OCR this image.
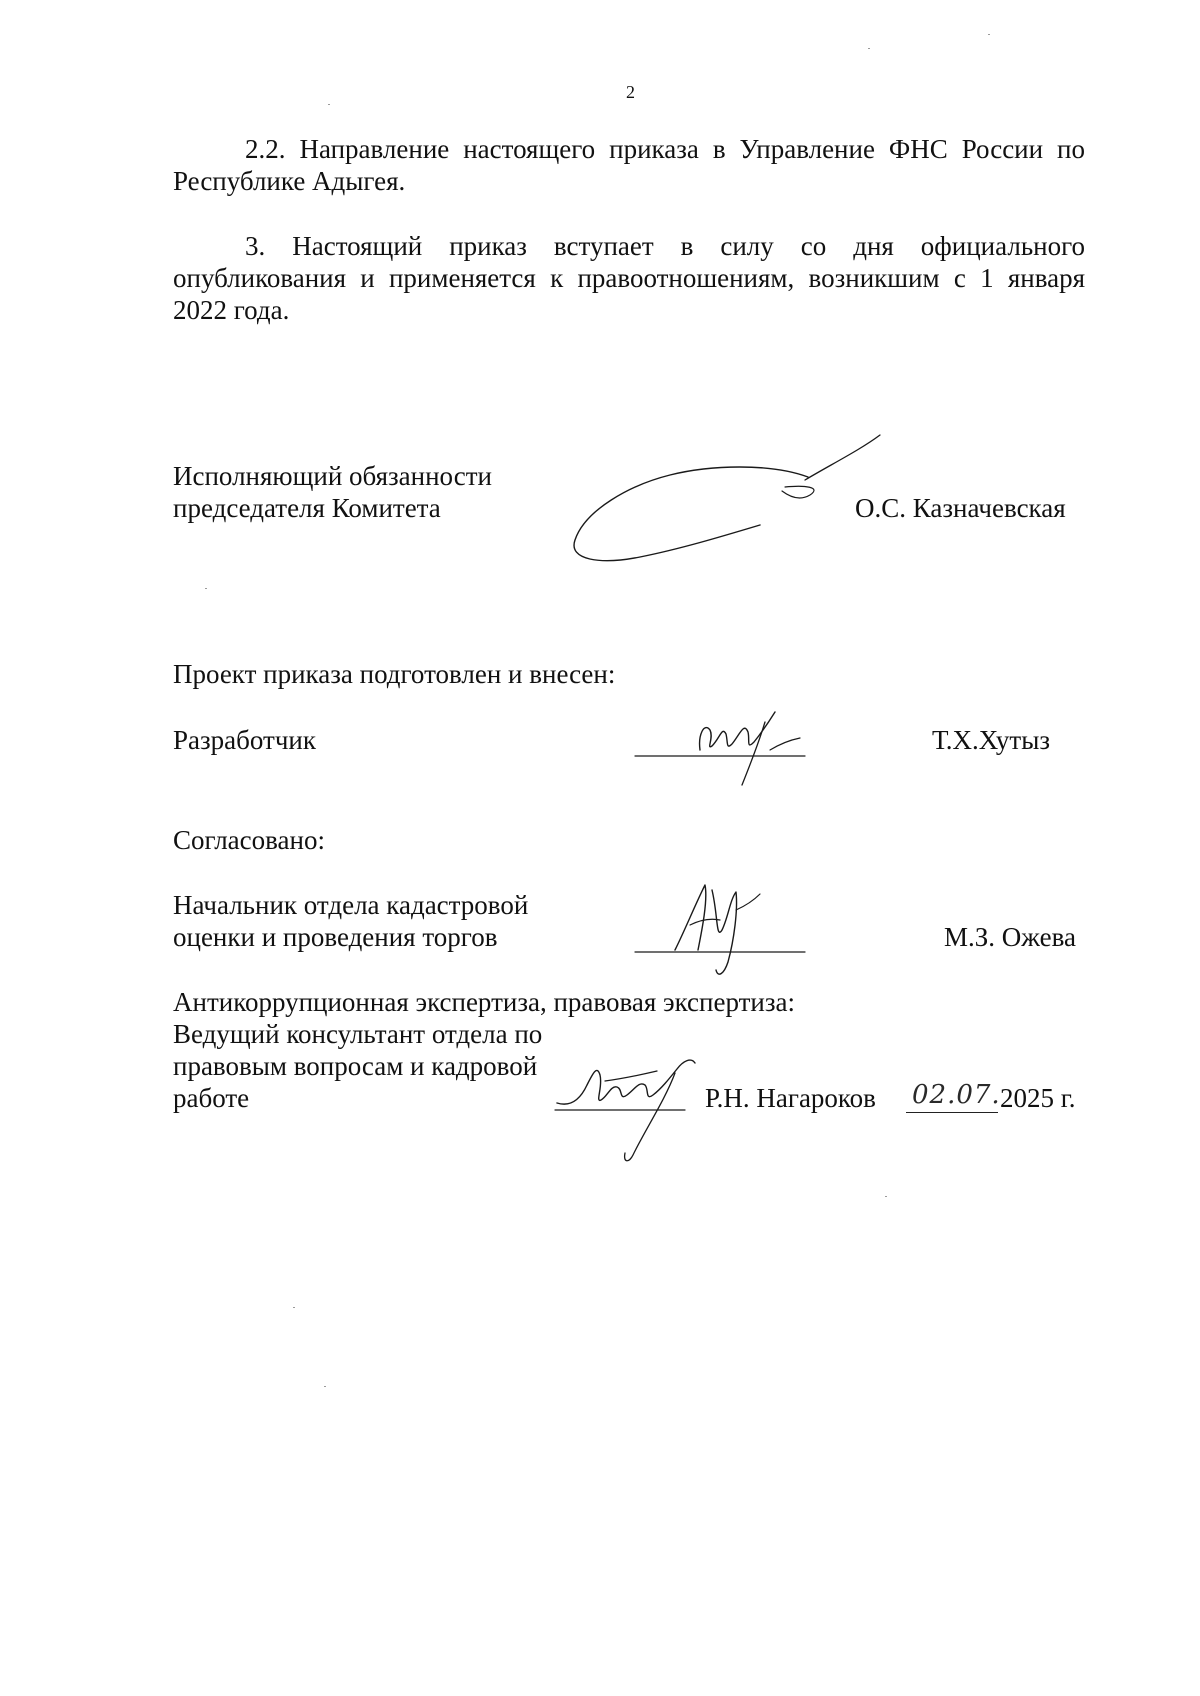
2
2.2. Направление настоящего приказа в Управление ФНС России по
Республике Адыгея.
3. Настоящий приказ вступает в силу со дня официального
опубликования и применяется к правоотношениям, возникшим с 1 января
2022 года.
Исполняющий обязанности
председателя Комитета	О.С. Казначевская
Проект приказа подготовлен и внесен:
Разработчик	Т.Х.Хутыз
Согласовано:
Начальник отдела кадастровой
оценки и проведения торгов	М.З. Ожева
Антикоррупционная экспертиза, правовая экспертиза:
Ведущий консультант отдела по
правовым вопросам и кадровой
работе	Р.Н. Нагароков 02.07. 2025 г.
